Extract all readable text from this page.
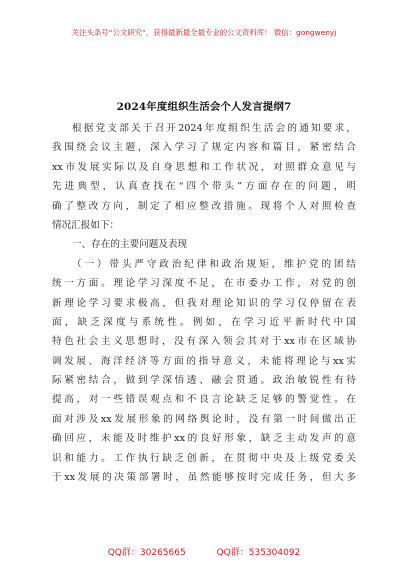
关注头条号“公文研究”，获得最新最全最专业的公文资料库！ 微信：gongwenyj
2024年度组织生活会个人发言提纲7
根据党支部关于召开2024年度组织生活会的通知要求，
我围绕会议主题，深入学习了规定内容和篇目，紧密结合
xx市发展实际以及自身思想和工作状况，对照群众意见与
先进典型，认真查找在“四个带头”方面存在的问题，明
确了整改方向，制定了相应整改措施。现将个人对照检查
情况汇报如下：
一、存在的主要问题及表现
（一）带头严守政治纪律和政治规矩，维护党的团结
统一方面。理论学习深度不足，在市委办工作，对党的创
新理论学习要求极高，但我对理论知识的学习仅停留在表
面，缺乏深度与系统性。例如，在学习近平新时代中国
特色社会主义思想时，没有深入领会其对于xx市在区域协
调发展、海洋经济等方面的指导意义，未能将理论与xx实
际紧密结合，做到学深悟透、融会贯通。政治敏锐性有待
提高，对一些错误观点和不良言论缺乏足够的警觉性。在
面对涉及xx发展形象的网络舆论时，没有第一时间做出正
确回应，未能及时维护xx的良好形象，缺乏主动发声的意
识和能力。工作执行缺乏创新，在贯彻中央及上级党委关
于xx发展的决策部署时，虽然能够按时完成任务，但大多
QQ群：30265665	QQ群：535304092
